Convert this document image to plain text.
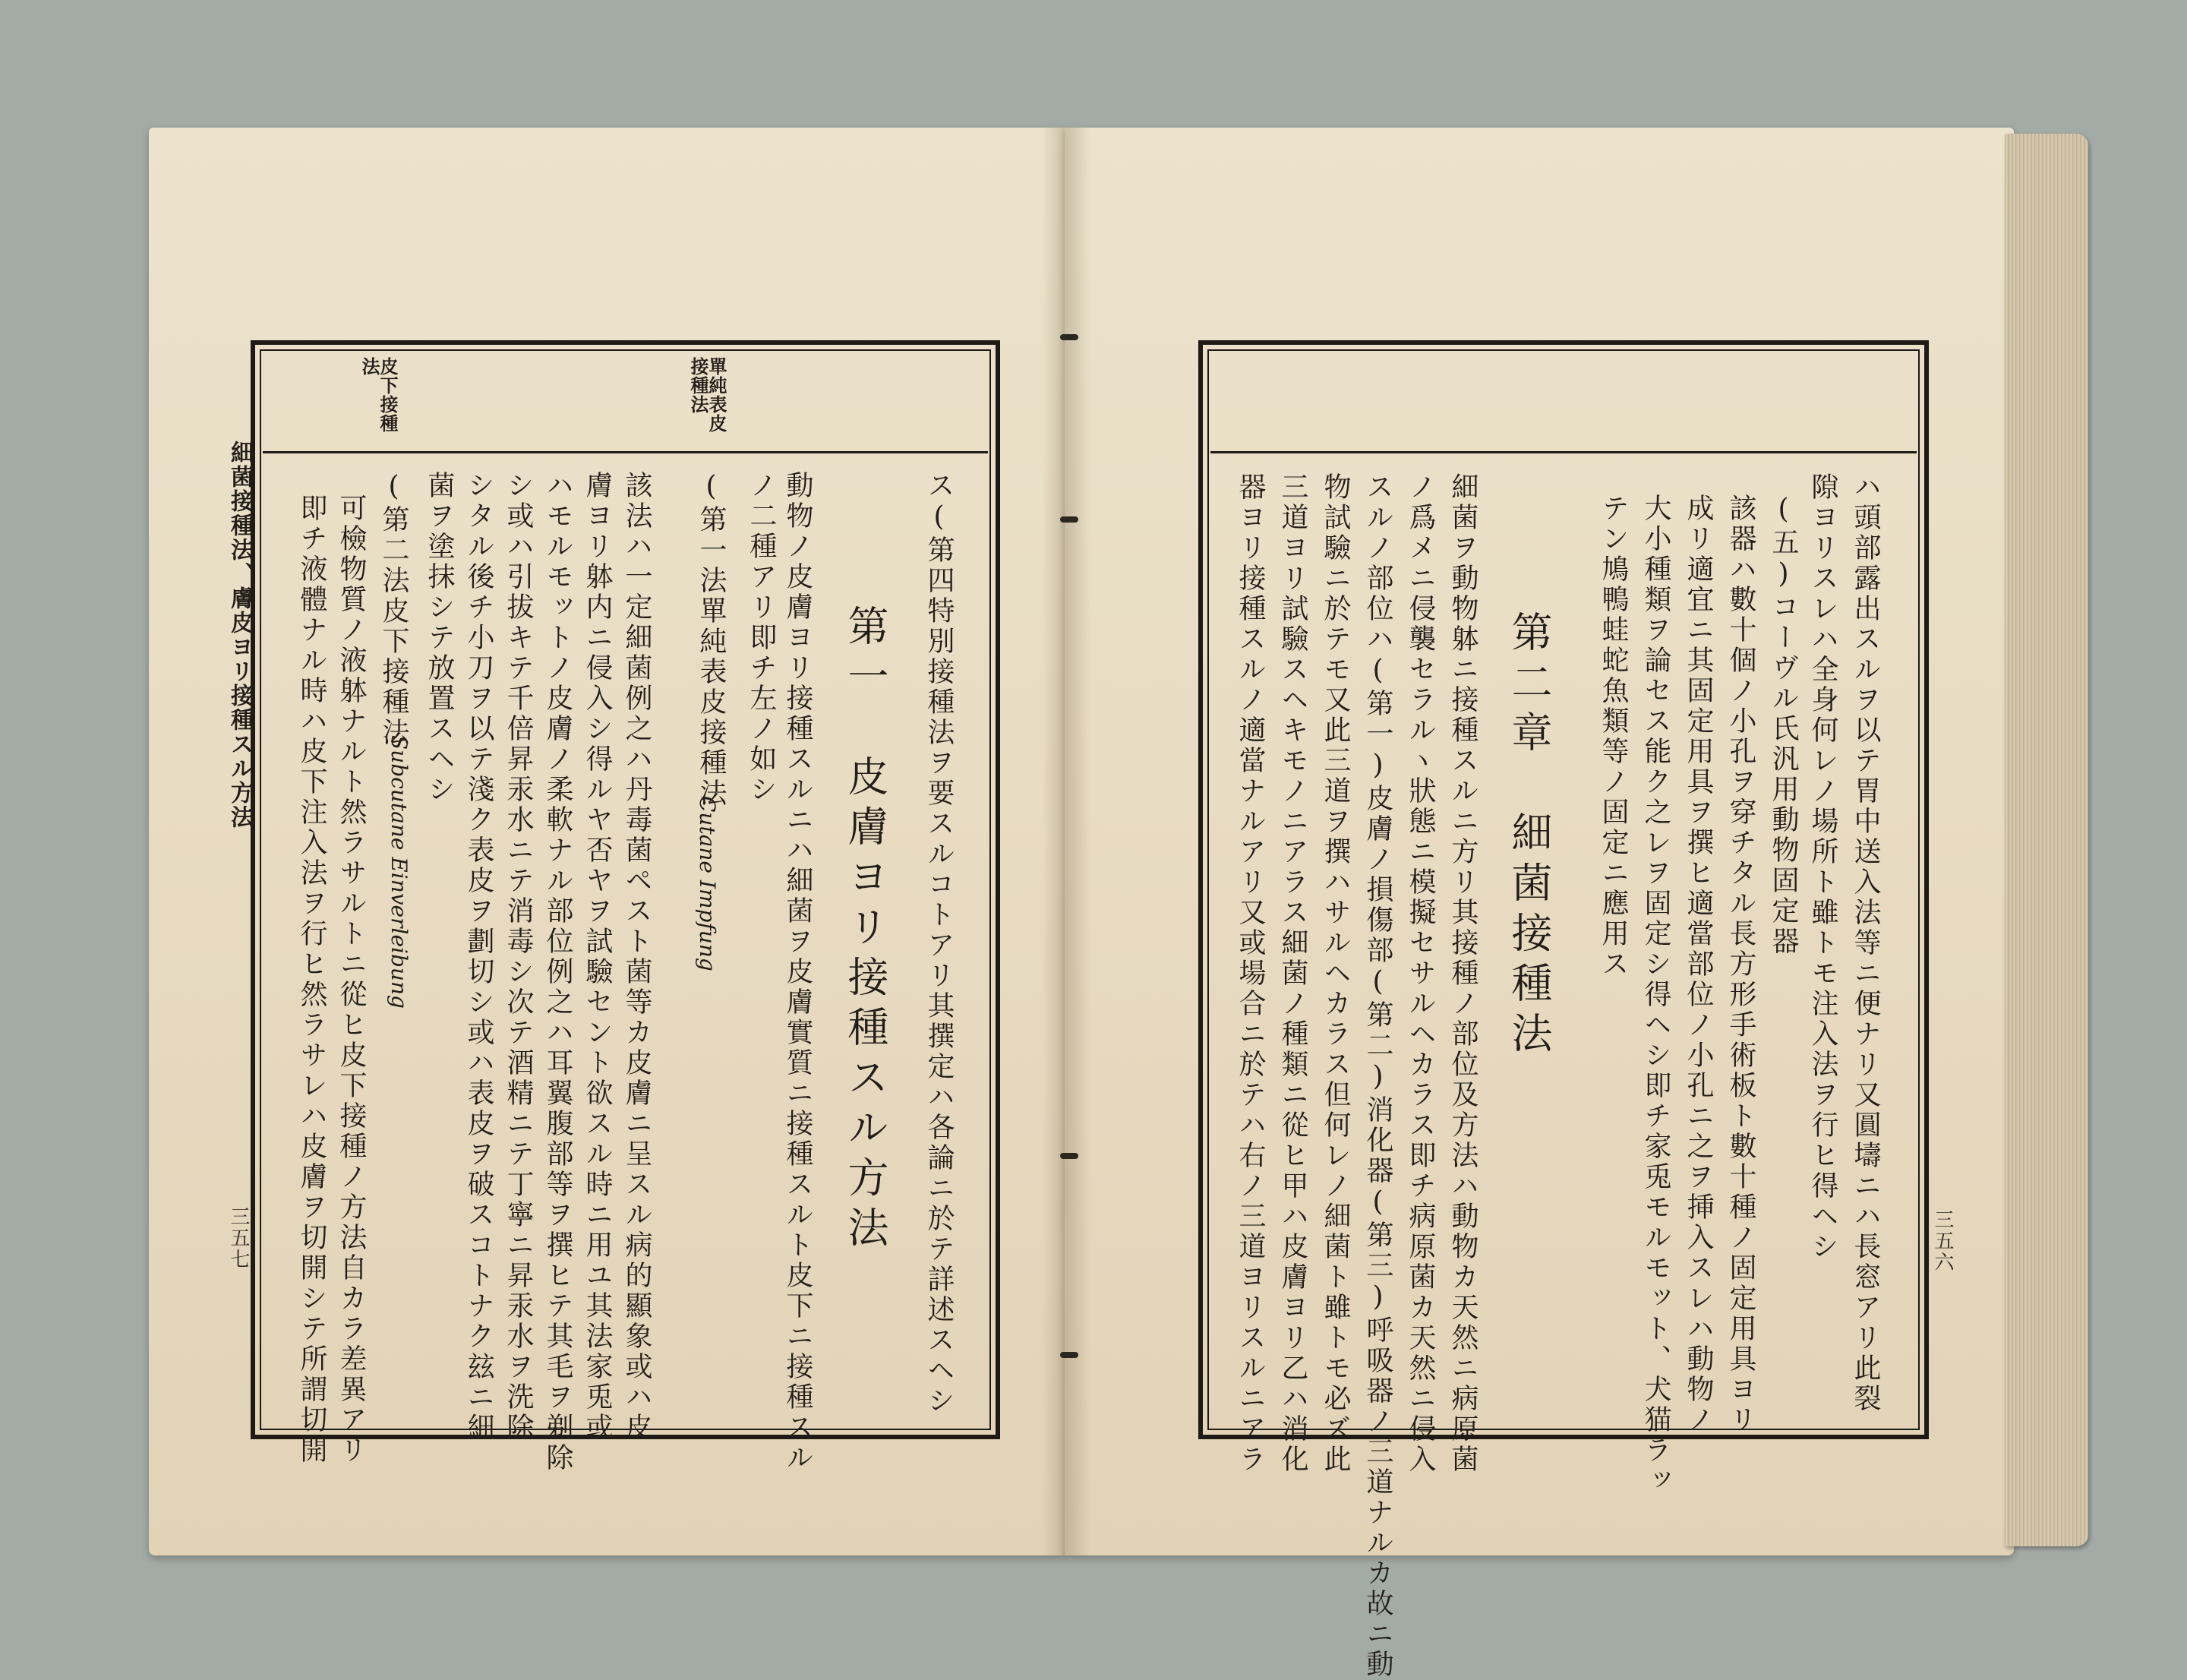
細菌接種法、膚皮ヨリ接種スル方法
三五七
單純表皮接種法
皮下接種法
ス(第四特別接種法ヲ要スルコトアリ其撰定ハ各論ニ於テ詳述スヘシ
第一　皮膚ヨリ接種スル方法
動物ノ皮膚ヨリ接種スルニハ細菌ヲ皮膚實質ニ接種スルト皮下ニ接種スル
ノ二種アリ即チ左ノ如シ
(第一法單純表皮接種法
該法ハ一定細菌例之ハ丹毒菌ペスト菌等カ皮膚ニ呈スル病的顯象或ハ皮
膚ヨリ躰内ニ侵入シ得ルヤ否ヤヲ試驗セント欲スル時ニ用ユ其法家兎或
ハモルモットノ皮膚ノ柔軟ナル部位例之ハ耳翼腹部等ヲ撰ヒテ其毛ヲ剃除
シ或ハ引拔キテ千倍昇汞水ニテ消毒シ次テ酒精ニテ丁寧ニ昇汞水ヲ洗除
シタル後チ小刀ヲ以テ淺ク表皮ヲ劃切シ或ハ表皮ヲ破スコトナク玆ニ細
菌ヲ塗抹シテ放置スヘシ
(第二法皮下接種法
可檢物質ノ液躰ナルト然ラサルトニ從ヒ皮下接種ノ方法自カラ差異アリ
即チ液體ナル時ハ皮下注入法ヲ行ヒ然ラサレハ皮膚ヲ切開シテ所謂切開	Cutane Impfung
Subcutane Einverleibung
三五六
ハ頭部露出スルヲ以テ胃中送入法等ニ便ナリ又圓壔ニハ長窓アリ此裂
隙ヨリスレハ全身何レノ場所ト雖トモ注入法ヲ行ヒ得ヘシ
(五)コーヴル氏汎用動物固定器
該器ハ數十個ノ小孔ヲ穿チタル長方形手術板ト數十種ノ固定用具ヨリ
成リ適宜ニ其固定用具ヲ撰ヒ適當部位ノ小孔ニ之ヲ挿入スレハ動物ノ
大小種類ヲ論セス能ク之レヲ固定シ得ヘシ即チ家兎モルモット、犬猫ラッ
テン鳩鴨蛙蛇魚類等ノ固定ニ應用ス
第二章　細菌接種法
細菌ヲ動物躰ニ接種スルニ方リ其接種ノ部位及方法ハ動物カ天然ニ病原菌
ノ爲メニ侵襲セラルヽ狀態ニ模擬セサルヘカラス即チ病原菌カ天然ニ侵入
スルノ部位ハ(第一)皮膚ノ損傷部(第二)消化器(第三)呼吸器ノ三道ナルカ故ニ動
物試驗ニ於テモ又此三道ヲ撰ハサルヘカラス但何レノ細菌ト雖トモ必ズ此
三道ヨリ試驗スヘキモノニアラス細菌ノ種類ニ從ヒ甲ハ皮膚ヨリ乙ハ消化
器ヨリ接種スルノ適當ナルアリ又或場合ニ於テハ右ノ三道ヨリスルニアラ
